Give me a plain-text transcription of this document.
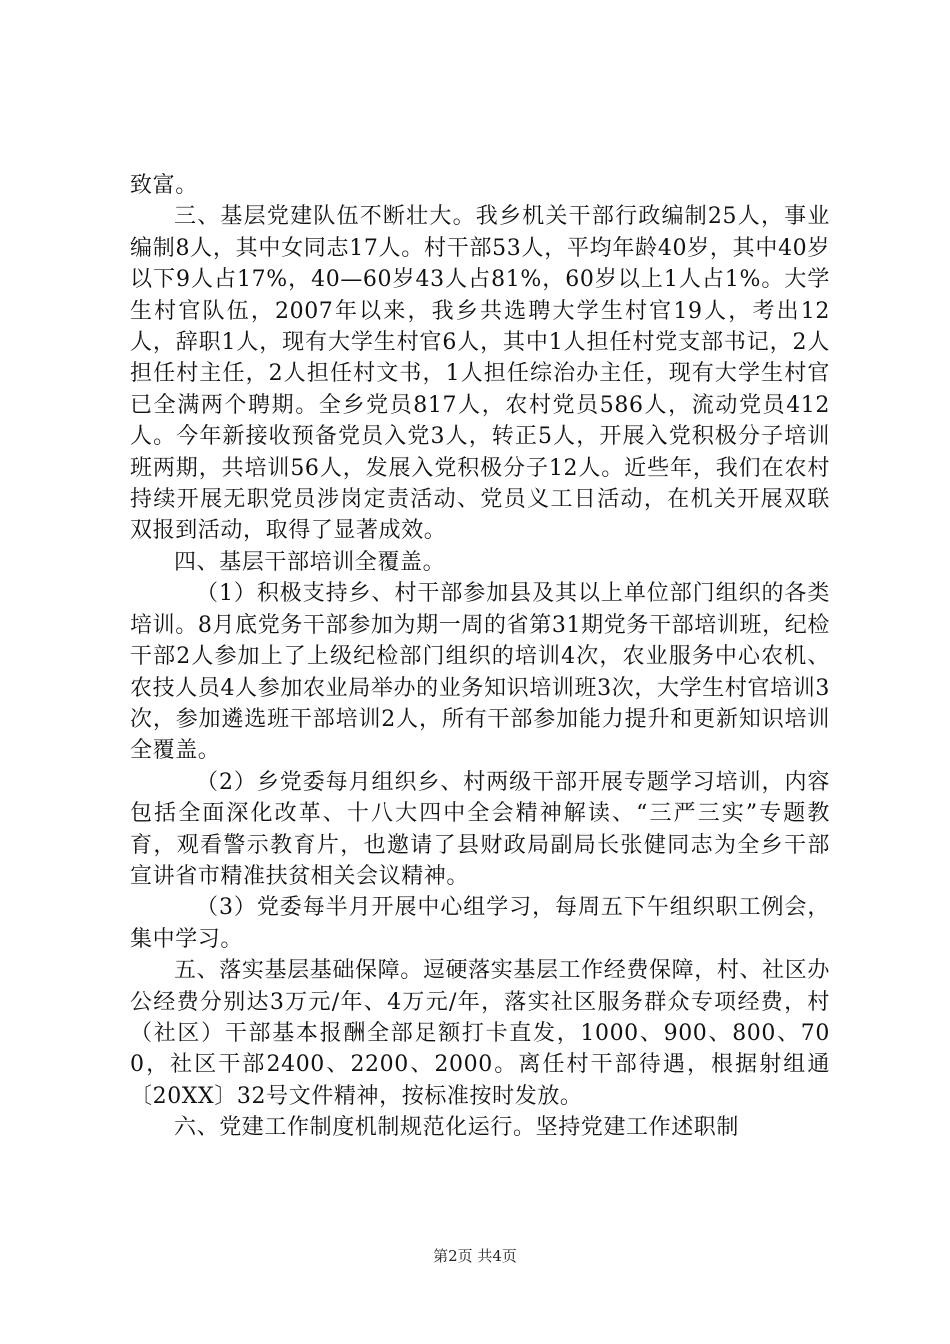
致富。

三、基层党建队伍不断壮大。我乡机关干部行政编制25人，事业编制8人，其中女同志17人。村干部53人，平均年龄40岁，其中40岁以下9人占17%，40—60岁43人占81%，60岁以上1人占1%。大学生村官队伍，2007年以来，我乡共选聘大学生村官19人，考出12人，辞职1人，现有大学生村官6人，其中1人担任村党支部书记，2人担任村主任，2人担任村文书，1人担任综治办主任，现有大学生村官已全满两个聘期。全乡党员817人，农村党员586人，流动党员412人。今年新接收预备党员入党3人，转正5人，开展入党积极分子培训班两期，共培训56人，发展入党积极分子12人。近些年，我们在农村持续开展无职党员涉岗定责活动、党员义工日活动，在机关开展双联双报到活动，取得了显著成效。

四、基层干部培训全覆盖。

（1）积极支持乡、村干部参加县及其以上单位部门组织的各类培训。8月底党务干部参加为期一周的省第31期党务干部培训班，纪检干部2人参加上了上级纪检部门组织的培训4次，农业服务中心农机、农技人员4人参加农业局举办的业务知识培训班3次，大学生村官培训3次，参加遴选班干部培训2人，所有干部参加能力提升和更新知识培训全覆盖。

（2）乡党委每月组织乡、村两级干部开展专题学习培训，内容包括全面深化改革、十八大四中全会精神解读、“三严三实”专题教育，观看警示教育片，也邀请了县财政局副局长张健同志为全乡干部宣讲省市精准扶贫相关会议精神。

（3）党委每半月开展中心组学习，每周五下午组织职工例会，集中学习。

五、落实基层基础保障。逗硬落实基层工作经费保障，村、社区办公经费分别达3万元/年、4万元/年，落实社区服务群众专项经费，村（社区）干部基本报酬全部足额打卡直发，1000、900、800、700，社区干部2400、2200、2000。离任村干部待遇，根据射组通〔20XX〕32号文件精神，按标准按时发放。

六、党建工作制度机制规范化运行。坚持党建工作述职制

第2页 共4页
